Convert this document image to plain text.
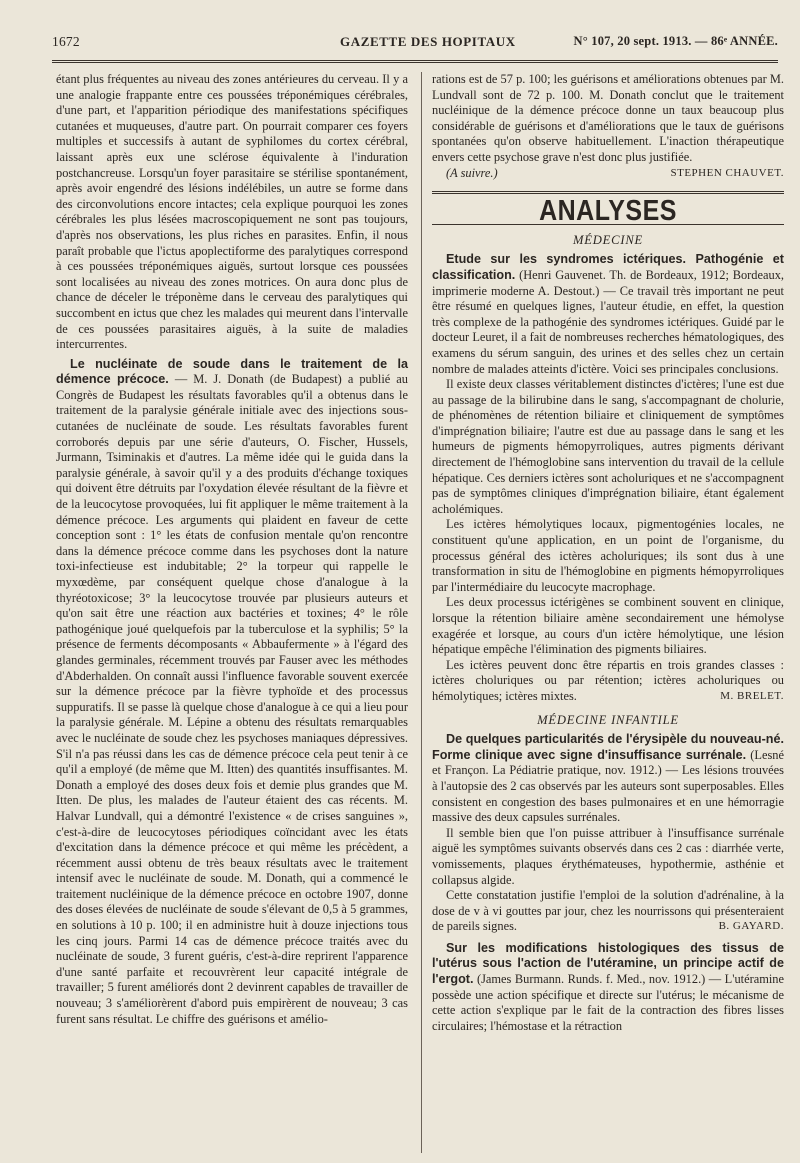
1672	GAZETTE DES HOPITAUX	N° 107, 20 sept. 1913. — 86ᵉ ANNÉE.

étant plus fréquentes au niveau des zones antérieures du cerveau. Il y a une analogie frappante entre ces poussées tréponémiques cérébrales, d'une part, et l'apparition périodique des manifestations spécifiques cutanées et muqueuses, d'autre part. On pourrait comparer ces foyers multiples et successifs à autant de syphilomes du cortex cérébral, laissant après eux une sclérose équivalente à l'induration postchancreuse. Lorsqu'un foyer parasitaire se stérilise spontanément, après avoir engendré des lésions indélébiles, un autre se forme dans des circonvolutions encore intactes; cela explique pourquoi les zones cérébrales les plus lésées macroscopiquement ne sont pas toujours, d'après nos observations, les plus riches en parasites. Enfin, il nous paraît probable que l'ictus apoplectiforme des paralytiques correspond à ces poussées tréponémiques aiguës, surtout lorsque ces poussées sont localisées au niveau des zones motrices. On aura donc plus de chance de déceler le tréponème dans le cerveau des paralytiques qui succombent en ictus que chez les malades qui meurent dans l'intervalle de ces poussées parasitaires aiguës, à la suite de maladies intercurrentes.

Le nucléinate de soude dans le traitement de la démence précoce. — M. J. Donath (de Budapest) a publié au Congrès de Budapest les résultats favorables qu'il a obtenus dans le traitement de la paralysie générale initiale avec des injections sous-cutanées de nucléinate de soude. Les résultats favorables furent corroborés depuis par une série d'auteurs, O. Fischer, Hussels, Jurmann, Tsiminakis et d'autres. La même idée qui le guida dans la paralysie générale, à savoir qu'il y a des produits d'échange toxiques qui doivent être détruits par l'oxydation élevée résultant de la fièvre et de la leucocytose provoquées, lui fit appliquer le même traitement à la démence précoce. Les arguments qui plaident en faveur de cette conception sont : 1° les états de confusion mentale qu'on rencontre dans la démence précoce comme dans les psychoses dont la nature toxi-infectieuse est indubitable; 2° la torpeur qui rappelle le myxœdème, par conséquent quelque chose d'analogue à la thyréotoxicose; 3° la leucocytose trouvée par plusieurs auteurs et qu'on sait être une réaction aux bactéries et toxines; 4° le rôle pathogénique joué quelquefois par la tuberculose et la syphilis; 5° la présence de ferments décomposants « Abbaufermente » à l'égard des glandes germinales, récemment trouvés par Fauser avec les méthodes d'Abderhalden. On connaît aussi l'influence favorable souvent exercée sur la démence précoce par la fièvre typhoïde et des processus suppuratifs. Il se passe là quelque chose d'analogue à ce qui a lieu pour la paralysie générale. M. Lépine a obtenu des résultats remarquables avec le nucléinate de soude chez les psychoses maniaques dépressives. S'il n'a pas réussi dans les cas de démence précoce cela peut tenir à ce qu'il a employé (de même que M. Itten) des quantités insuffisantes. M. Donath a employé des doses deux fois et demie plus grandes que M. Itten. De plus, les malades de l'auteur étaient des cas récents. M. Halvar Lundvall, qui a démontré l'existence « de crises sanguines », c'est-à-dire de leucocytoses périodiques coïncidant avec les états d'excitation dans la démence précoce et qui même les précèdent, a récemment aussi obtenu de très beaux résultats avec le traitement intensif avec le nucléinate de soude. M. Donath, qui a commencé le traitement nucléinique de la démence précoce en octobre 1907, donne des doses élevées de nucléinate de soude s'élevant de 0,5 à 5 grammes, en solutions à 10 p. 100; il en administre huit à douze injections tous les cinq jours. Parmi 14 cas de démence précoce traités avec du nucléinate de soude, 3 furent guéris, c'est-à-dire reprirent l'apparence d'une santé parfaite et recouvrèrent leur capacité intégrale de travailler; 5 furent améliorés dont 2 devinrent capables de travailler de nouveau; 3 s'améliorèrent d'abord puis empirèrent de nouveau; 3 cas furent sans résultat. Le chiffre des guérisons et amélio-

rations est de 57 p. 100; les guérisons et améliorations obtenues par M. Lundvall sont de 72 p. 100. M. Donath conclut que le traitement nucléinique de la démence précoce donne un taux beaucoup plus considérable de guérisons et d'améliorations que le taux de guérisons spontanées qu'on observe habituellement. L'inaction thérapeutique envers cette psychose grave n'est donc plus justifiée.

(A suivre.)	STEPHEN CHAUVET.
ANALYSES
MÉDECINE

Etude sur les syndromes ictériques. Pathogénie et classification. (Henri Gauvenet. Th. de Bordeaux, 1912; Bordeaux, imprimerie moderne A. Destout.) — Ce travail très important ne peut être résumé en quelques lignes, l'auteur étudie, en effet, la question très complexe de la pathogénie des syndromes ictériques. Guidé par le docteur Leuret, il a fait de nombreuses recherches hématologiques, des examens du sérum sanguin, des urines et des selles chez un certain nombre de malades atteints d'ictère. Voici ses principales conclusions.

Il existe deux classes véritablement distinctes d'ictères; l'une est due au passage de la bilirubine dans le sang, s'accompagnant de cholurie, de phénomènes de rétention biliaire et cliniquement de symptômes d'imprégnation biliaire; l'autre est due au passage dans le sang et les humeurs de pigments hémopyrroliques, autres pigments dérivant directement de l'hémoglobine sans intervention du travail de la cellule hépatique. Ces derniers ictères sont acholuriques et ne s'accompagnent pas de symptômes cliniques d'imprégnation biliaire, étant également acholémiques.

Les ictères hémolytiques locaux, pigmentogénies locales, ne constituent qu'une application, en un point de l'organisme, du processus général des ictères acholuriques; ils sont dus à une transformation in situ de l'hémoglobine en pigments hémopyrroliques par l'intermédiaire du leucocyte macrophage.

Les deux processus ictérigènes se combinent souvent en clinique, lorsque la rétention biliaire amène secondairement une hémolyse exagérée et lorsque, au cours d'un ictère hémolytique, une lésion hépatique empêche l'élimination des pigments biliaires.

Les ictères peuvent donc être répartis en trois grandes classes : ictères choluriques ou par rétention; ictères acholuriques ou hémolytiques; ictères mixtes.	M. BRELET.

MÉDECINE INFANTILE

De quelques particularités de l'érysipèle du nouveau-né. Forme clinique avec signe d'insuffisance surrénale. (Lesné et Françon. La Pédiatrie pratique, nov. 1912.) — Les lésions trouvées à l'autopsie des 2 cas observés par les auteurs sont superposables. Elles consistent en congestion des bases pulmonaires et en une hémorragie massive des deux capsules surrénales.

Il semble bien que l'on puisse attribuer à l'insuffisance surrénale aiguë les symptômes suivants observés dans ces 2 cas : diarrhée verte, vomissements, plaques érythémateuses, hypothermie, asthénie et collapsus algide.

Cette constatation justifie l'emploi de la solution d'adrénaline, à la dose de v à vi gouttes par jour, chez les nourrissons qui présenteraient de pareils signes.	B. GAYARD.

Sur les modifications histologiques des tissus de l'utérus sous l'action de l'utéramine, un principe actif de l'ergot. (James Burmann. Runds. f. Med., nov. 1912.) — L'utéramine possède une action spécifique et directe sur l'utérus; le mécanisme de cette action s'explique par le fait de la contraction des fibres lisses circulaires; l'hémostase et la rétraction
